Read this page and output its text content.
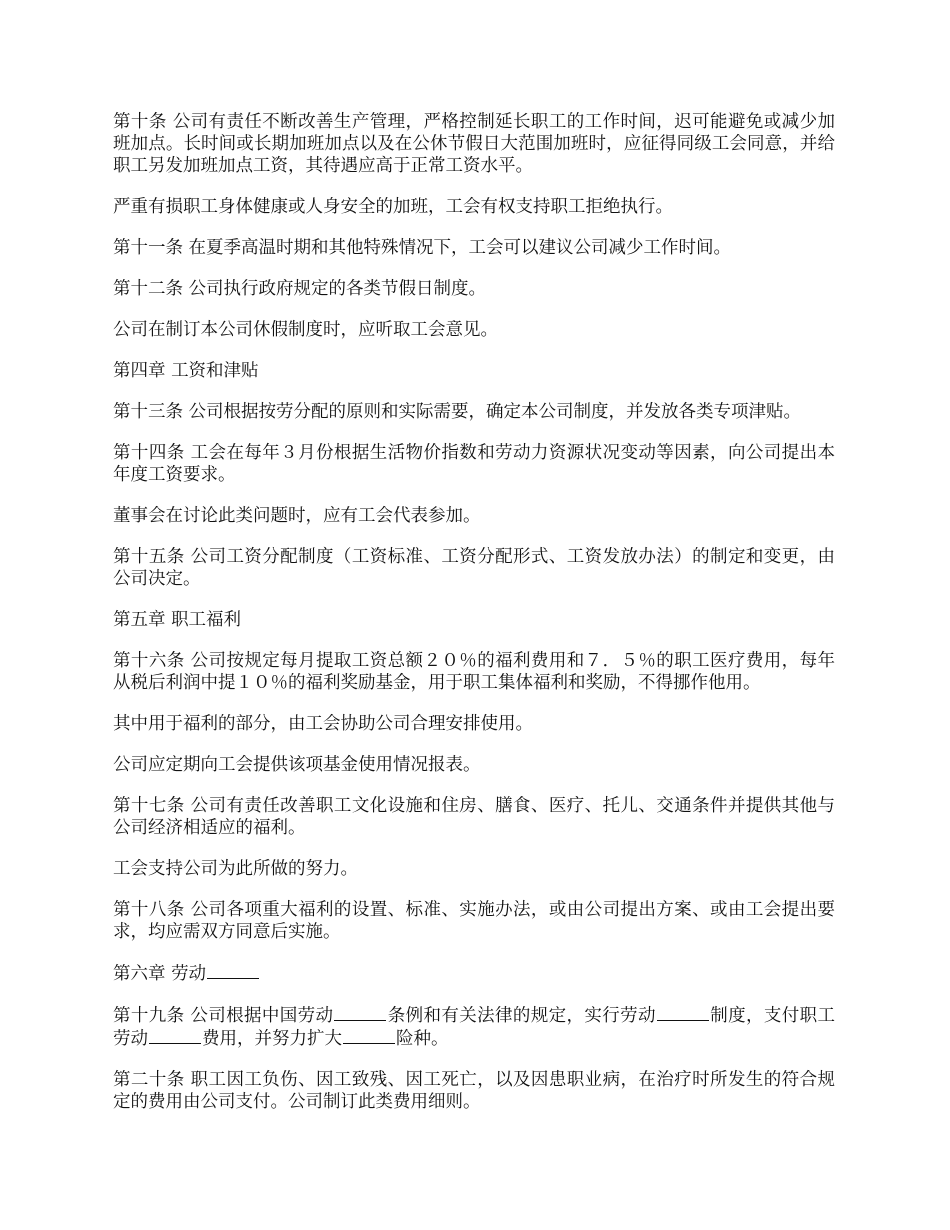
第十条 公司有责任不断改善生产管理，严格控制延长职工的工作时间，迟可能避免或减少加班加点。长时间或长期加班加点以及在公休节假日大范围加班时，应征得同级工会同意，并给职工另发加班加点工资，其待遇应高于正常工资水平。

严重有损职工身体健康或人身安全的加班，工会有权支持职工拒绝执行。

第十一条 在夏季高温时期和其他特殊情况下，工会可以建议公司减少工作时间。

第十二条 公司执行政府规定的各类节假日制度。

公司在制订本公司休假制度时，应听取工会意见。

第四章 工资和津贴

第十三条 公司根据按劳分配的原则和实际需要，确定本公司制度，并发放各类专项津贴。

第十四条 工会在每年３月份根据生活物价指数和劳动力资源状况变动等因素，向公司提出本年度工资要求。

董事会在讨论此类问题时，应有工会代表参加。

第十五条 公司工资分配制度（工资标准、工资分配形式、工资发放办法）的制定和变更，由公司决定。

第五章 职工福利

第十六条 公司按规定每月提取工资总额２０％的福利费用和７．５％的职工医疗费用，每年从税后利润中提１０％的福利奖励基金，用于职工集体福利和奖励，不得挪作他用。

其中用于福利的部分，由工会协助公司合理安排使用。

公司应定期向工会提供该项基金使用情况报表。

第十七条 公司有责任改善职工文化设施和住房、膳食、医疗、托儿、交通条件并提供其他与公司经济相适应的福利。

工会支持公司为此所做的努力。

第十八条 公司各项重大福利的设置、标准、实施办法，或由公司提出方案、或由工会提出要求，均应需双方同意后实施。

第六章 劳动

第十九条 公司根据中国劳动	条例和有关法律的规定，实行劳动	制度，支付职工劳动	费用，并努力扩大	险种。

第二十条 职工因工负伤、因工致残、因工死亡，以及因患职业病，在治疗时所发生的符合规定的费用由公司支付。公司制订此类费用细则。
